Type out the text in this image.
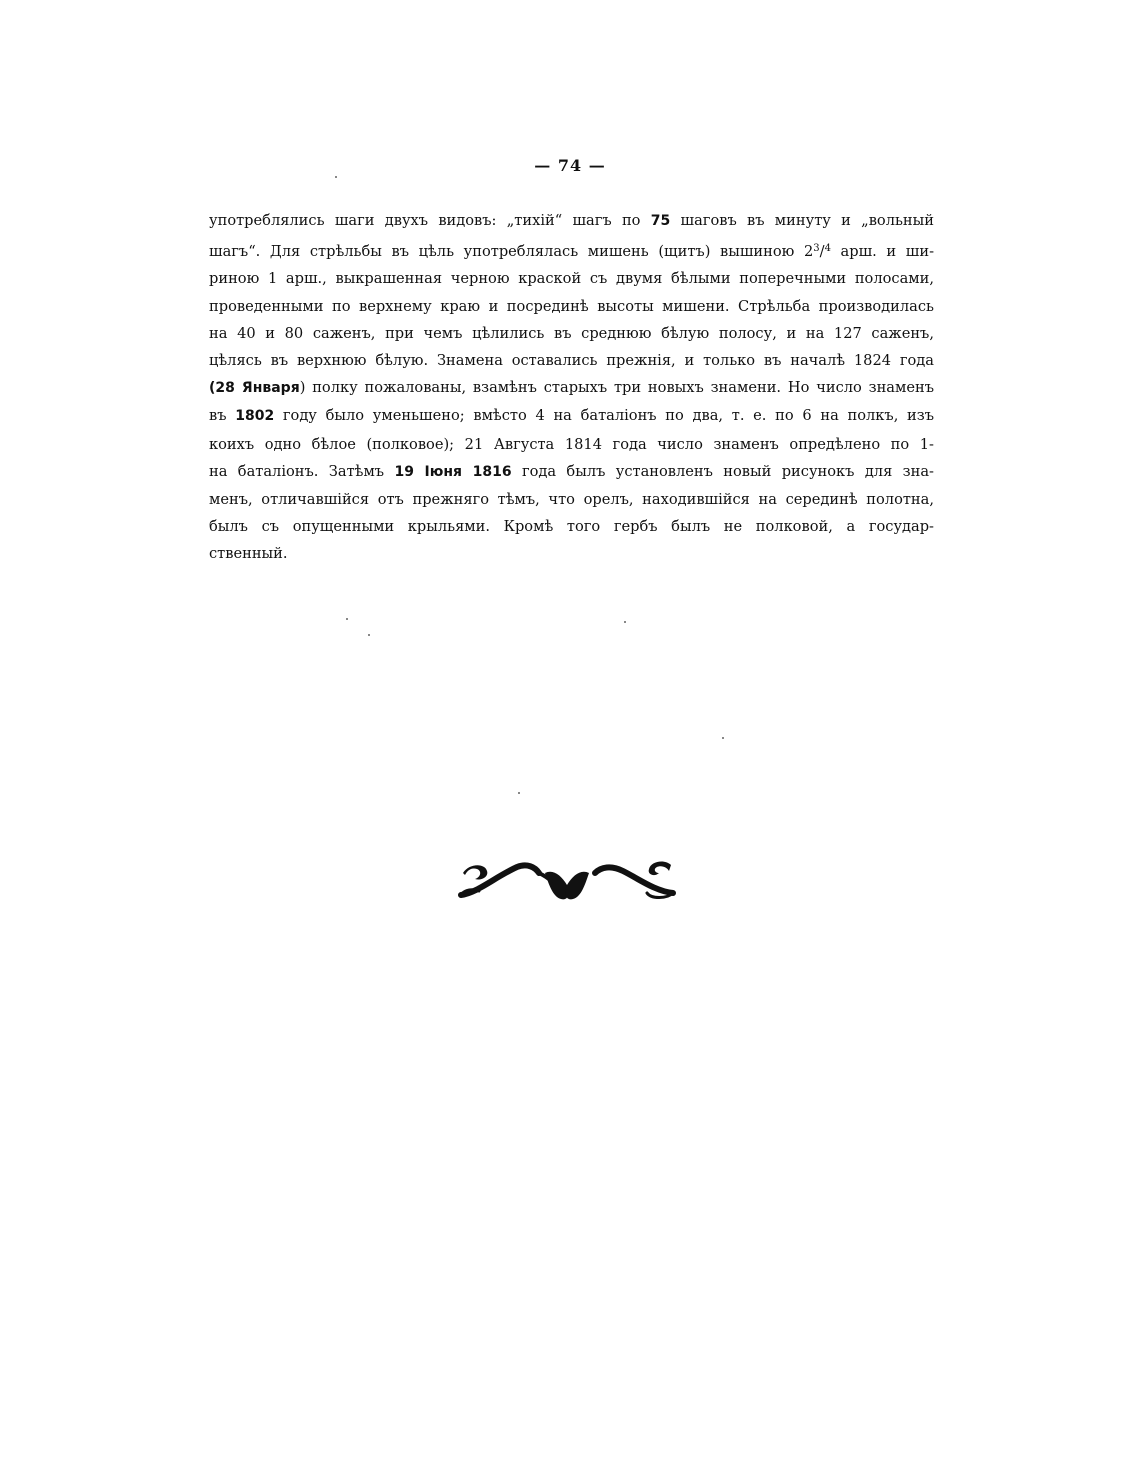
— 74 —
употреблялись шаги двухъ видовъ: „тихій“ шагъ по 75 шаговъ въ минуту и „вольный
шагъ“. Для стрѣльбы въ цѣль употреблялась мишень (щитъ) вышиною $2^3/^4$ арш. и ши-
риною 1 арш., выкрашенная черною краской съ двумя бѣлыми поперечными полосами,
проведенными по верхнему краю и посрединѣ высоты мишени. Стрѣльба производилась
на 40 и 80 саженъ, при чемъ цѣлились въ среднюю бѣлую полосу, и на 127 саженъ,
цѣлясь въ верхнюю бѣлую. Знамена оставались прежнія, и только въ началѣ 1824 года
(28 Января) полку пожалованы, взамѣнъ старыхъ три новыхъ знамени. Но число знаменъ
въ 1802 году было уменьшено; вмѣсто 4 на баталіонъ по два, т. е. по 6 на полкъ, изъ
коихъ одно бѣлое (полковое); 21 Августа 1814 года число знаменъ опредѣлено по 1-
на баталіонъ. Затѣмъ 19 Іюня 1816 года былъ установленъ новый рисунокъ для зна-
менъ, отличавшійся отъ прежняго тѣмъ, что орелъ, находившійся на серединѣ полотна,
былъ съ опущенными крыльями. Кромѣ того гербъ былъ не полковой, а государ-
ственный.
